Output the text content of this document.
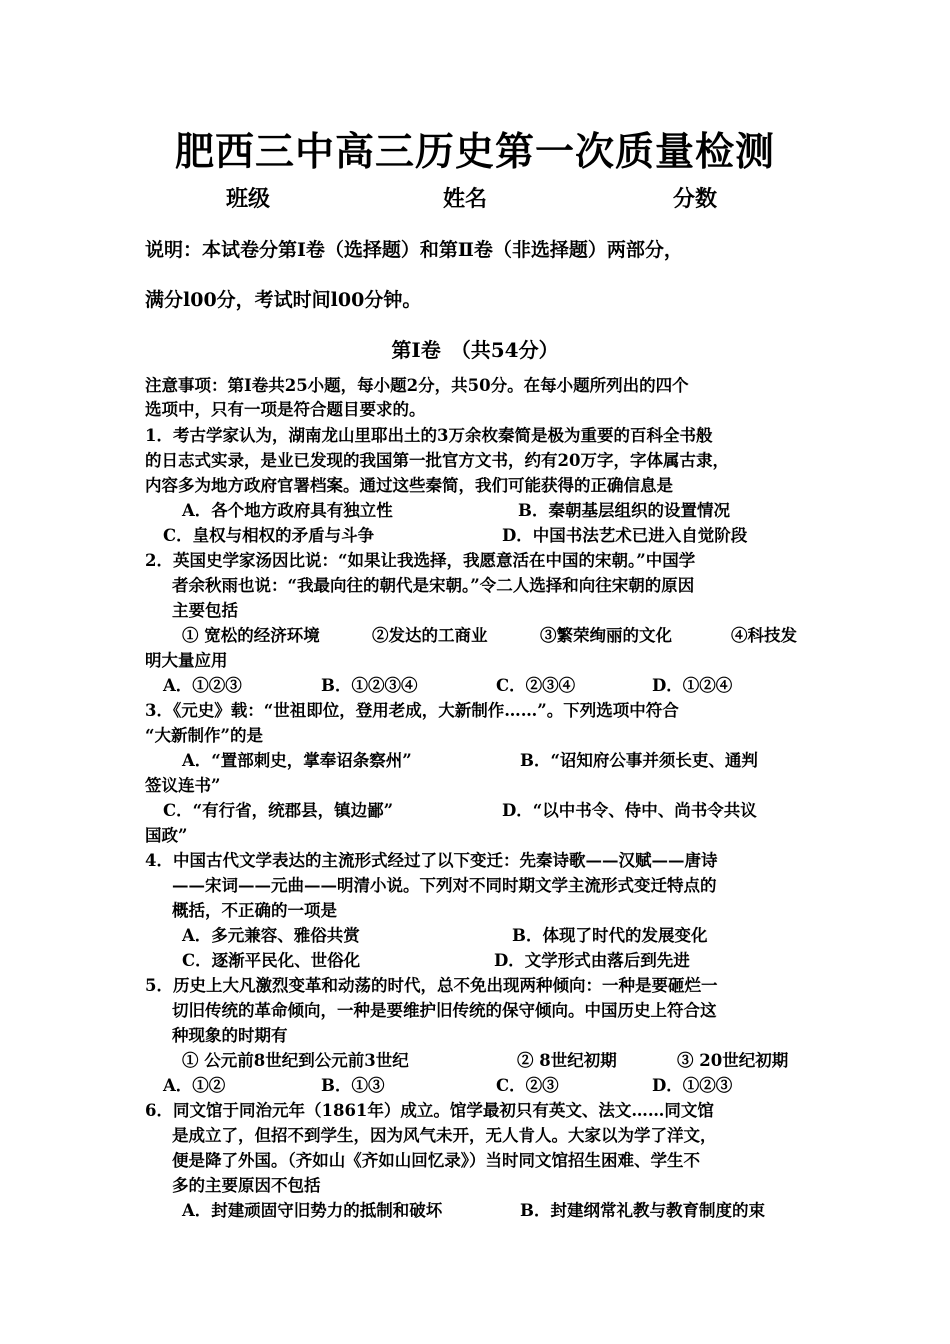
肥西三中高三历史第一次质量检测
班级	姓名	分数
说明：本试卷分第Ⅰ卷（选择题）和第Ⅱ卷（非选择题）两部分，
满分l00分，考试时间l00分钟。
第Ⅰ卷　（共54分）
注意事项：第Ⅰ卷共25小题，每小题2分，共50分。在每小题所列出的四个
选项中，只有一项是符合题目要求的。
1．考古学家认为，湖南龙山里耶出土的3万余枚秦简是极为重要的百科全书般
的日志式实录，是业已发现的我国第一批官方文书，约有20万字，字体属古隶，
内容多为地方政府官署档案。通过这些秦简，我们可能获得的正确信息是
A．各个地方政府具有独立性	B．秦朝基层组织的设置情况
C．皇权与相权的矛盾与斗争	D．中国书法艺术已进入自觉阶段
2．英国史学家汤因比说：“如果让我选择，我愿意活在中国的宋朝。”中国学
者余秋雨也说：“我最向往的朝代是宋朝。”令二人选择和向往宋朝的原因
主要包括
① 宽松的经济环境	②发达的工商业	③繁荣绚丽的文化	④科技发
明大量应用
A．①②③	B．①②③④	C．②③④	D．①②④
3．《元史》载：“世祖即位，登用老成，大新制作……”。下列选项中符合
“大新制作”的是
A．“置部刺史，掌奉诏条察州”	B．“诏知府公事并须长吏、通判
签议连书”
C．“有行省，统郡县，镇边鄙”	D．“以中书令、侍中、尚书令共议
国政”
4．中国古代文学表达的主流形式经过了以下变迁：先秦诗歌——汉赋——唐诗
——宋词——元曲——明清小说。下列对不同时期文学主流形式变迁特点的
概括，不正确的一项是
A．多元兼容、雅俗共赏	B．体现了时代的发展变化
C．逐渐平民化、世俗化	D．文学形式由落后到先进
5．历史上大凡激烈变革和动荡的时代，总不免出现两种倾向：一种是要砸烂一
切旧传统的革命倾向，一种是要维护旧传统的保守倾向。中国历史上符合这
种现象的时期有
① 公元前8世纪到公元前3世纪	② 8世纪初期	③ 20世纪初期
A．①②	B．①③	C．②③	D．①②③
6．同文馆于同治元年（1861年）成立。馆学最初只有英文、法文……同文馆
是成立了，但招不到学生，因为风气未开，无人肯人。大家以为学了洋文，
便是降了外国。（齐如山《齐如山回忆录》）当时同文馆招生困难、学生不
多的主要原因不包括
A．封建顽固守旧势力的抵制和破坏	B．封建纲常礼教与教育制度的束
